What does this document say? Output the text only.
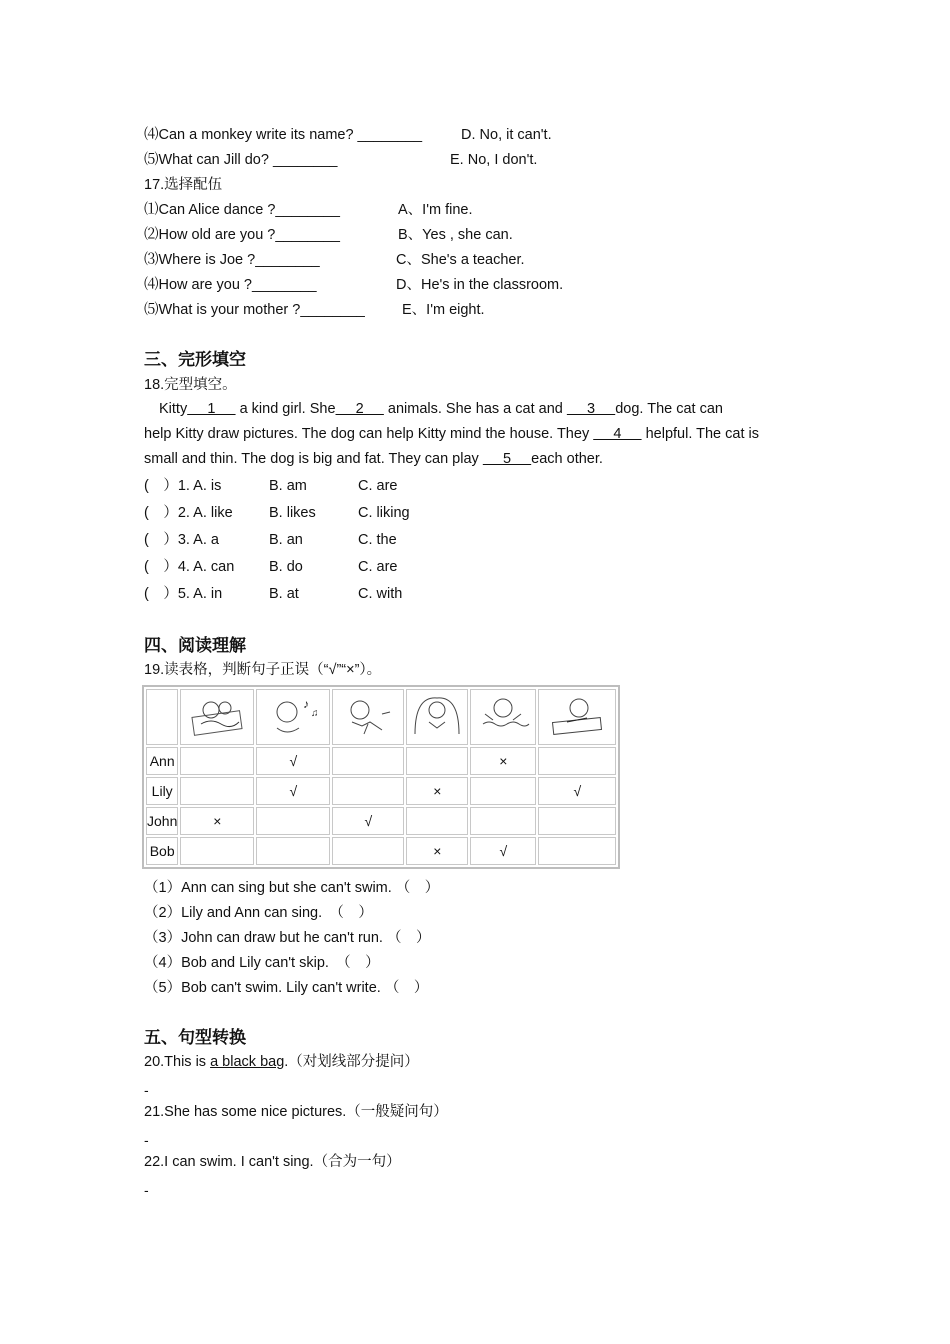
⑷Can a monkey write its name? ________	D. No, it can't.
⑸What can Jill do? ________	E. No, I don't.
17.选择配伍
⑴Can Alice dance ?________	A、I'm fine.
⑵How old are you ?________	B、Yes , she can.
⑶Where is Joe ?________	C、She's a teacher.
⑷How are you ?________	D、He's in the classroom.
⑸What is your mother ?________	E、I'm eight.
三、完形填空
18.完型填空。
Kitty     1      a kind girl. She     2      animals. She has a cat and      3     dog. The cat can
help Kitty draw pictures. The dog can help Kitty mind the house. They      4      helpful. The cat is
small and thin. The dog is big and fat. They can play      5     each other.
(　）1. A. is	B. am	C. are
(　）2. A. like	B. likes	C. liking
(　）3. A. a	B. an	C. the
(　）4. A. can B. do	C. are
(　）5. A. in	B. at	C. with
四、阅读理解
19.读表格，判断句子正误（“√”“×”）。

♪
♫

Ann		√			×	
Lily		√		×		√
John	×		√			
Bob				×	√	
（1）Ann can sing but she can't swim. （　）
（2）Lily and Ann can sing.　（　）
（3）John can draw but he can't run. （　）
（4）Bob and Lily can't skip.　（　）
（5）Bob can't swim. Lily can't write. （　）
五、句型转换
20.This is a black bag.（对划线部分提问）
-
21.She has some nice pictures.（一般疑问句）
-
22.I can swim. I can't sing.（合为一句）
-
